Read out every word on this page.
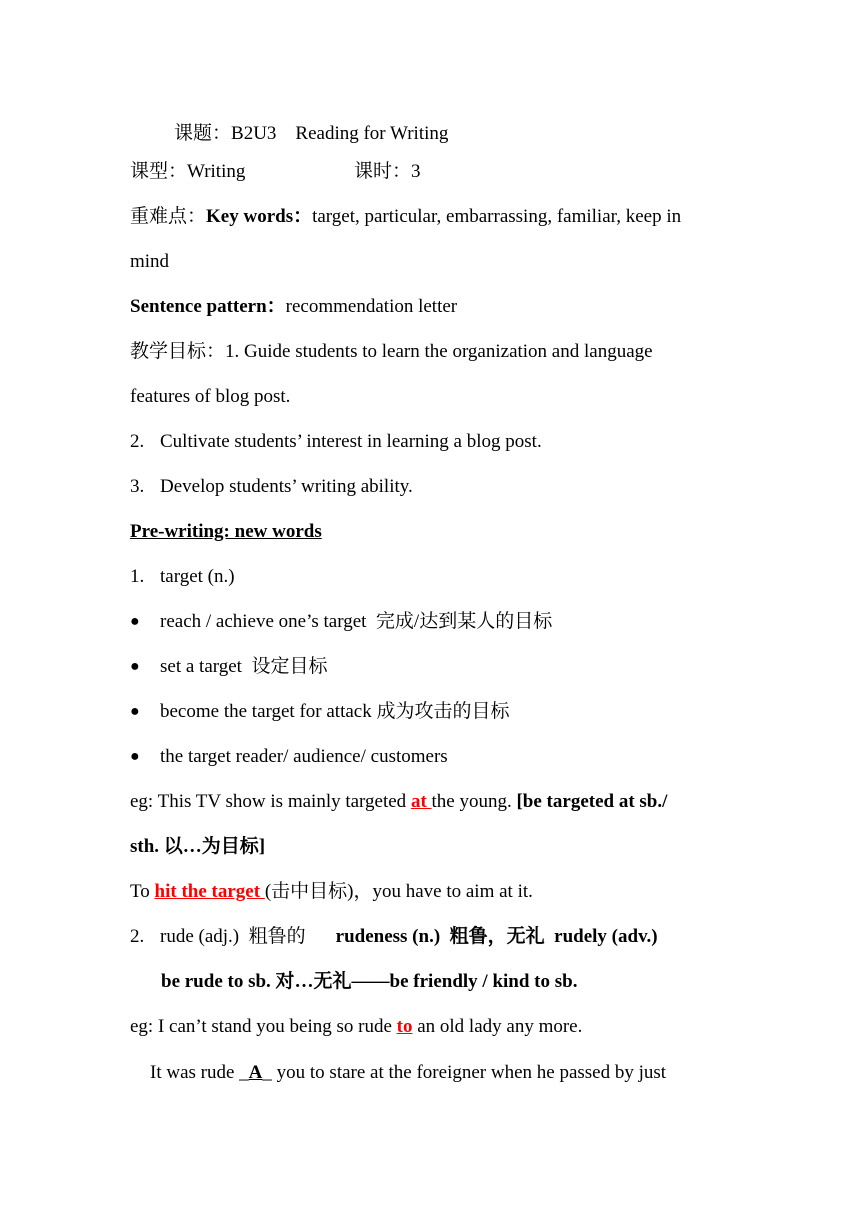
课题：B2U3    Reading for Writing
课型：Writing	课时：3
重难点：Key words：target, particular, embarrassing, familiar, keep in
mind
Sentence pattern：recommendation letter
教学目标：1. Guide students to learn the organization and language
features of blog post.
2. Cultivate students’ interest in learning a blog post.
3. Develop students’ writing ability.
Pre-writing: new words
1. target (n.)
● reach / achieve one’s target  完成/达到某人的目标
● set a target  设定目标
● become the target for attack 成为攻击的目标
● the target reader/ audience/ customers
eg: This TV show is mainly targeted at the young. [be targeted at sb./
sth. 以…为目标]
To hit the target (击中目标)，you have to aim at it.
2. rude (adj.)  粗鲁的 rudeness (n.)  粗鲁，无礼  rudely (adv.)
be rude to sb. 对…无礼——be friendly / kind to sb.
eg: I can’t stand you being so rude to an old lady any more.
It was rude _A_ you to stare at the foreigner when he passed by just
